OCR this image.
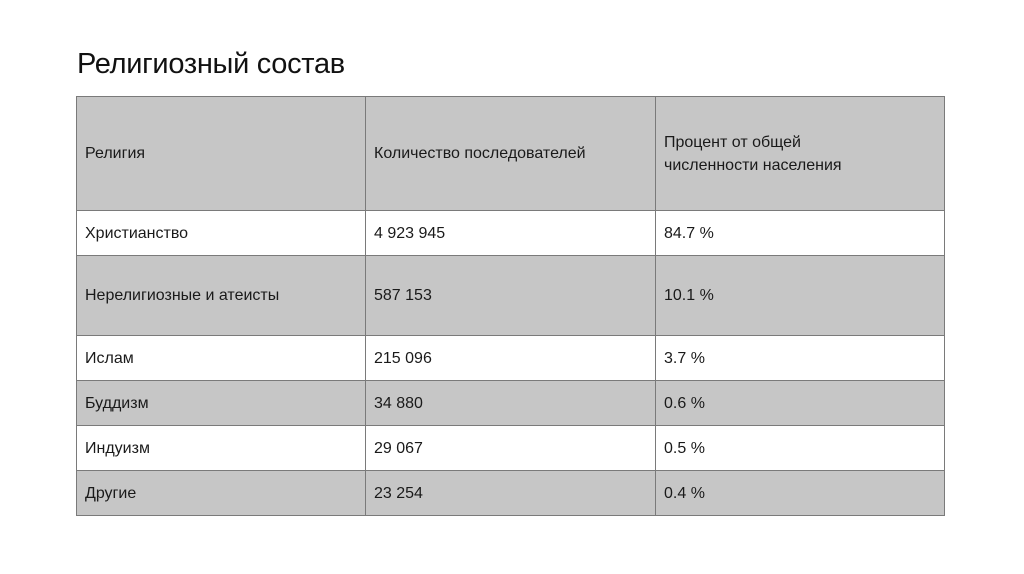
Религиозный состав
Религия	Количество последователей	Процент от общей численности населения

Христианство	4 923 945	84.7 %
Нерелигиозные и атеисты	587 153	10.1 %
Ислам	215 096	3.7 %
Буддизм	34 880	0.6 %
Индуизм	29 067	0.5 %
Другие	23 254	0.4 %
